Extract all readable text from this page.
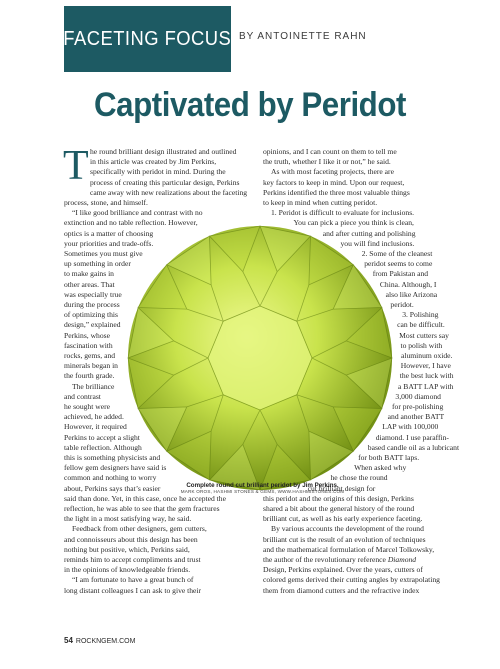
FACETING FOCUS BY ANTOINETTE RAHN
Captivated by Peridot
he round brilliant design illustrated and outlined
in this article was created by Jim Perkins,
specifically with peridot in mind. During the
process of creating this particular design, Perkins
came away with new realizations about the faceting
process, stone, and himself.
“I like good brilliance and contrast with no
extinction and no table reflection. However,
optics is a matter of choosing
your priorities and trade-offs.
Sometimes you must give
up something in order
to make gains in
other areas. That
was especially true
during the process
of optimizing this
design,” explained
Perkins, whose
fascination with
rocks, gems, and
minerals began in
the fourth grade.
The brilliance
and contrast
he sought were
achieved, he added.
However, it required
Perkins to accept a slight
table reflection. Although
this is something physicists and
fellow gem designers have said is
common and nothing to worry
about, Perkins says that’s easier
said than done. Yet, in this case, once he accepted the
reflection, he was able to see that the gem fractures
the light in a most satisfying way, he said.
Feedback from other designers, gem cutters,
and connoisseurs about this design has been
nothing but positive, which, Perkins said,
reminds him to accept compliments and trust
in the opinions of knowledgeable friends.
“I am fortunate to have a great bunch of
long distant colleagues I can ask to give their
opinions, and I can count on them to tell me
the truth, whether I like it or not,” he said.
As with most faceting projects, there are
key factors to keep in mind. Upon our request,
Perkins identified the three most valuable things
to keep in mind when cutting peridot.
1. Peridot is difficult to evaluate for inclusions.
You can pick a piece you think is clean,
and after cutting and polishing
you will find inclusions.
2. Some of the cleanest
peridot seems to come
from Pakistan and
China. Although, I
also like Arizona
peridot.
3. Polishing
can be difficult.
Most cutters say
to polish with
aluminum oxide.
However, I have
the best luck with
a BATT LAP with
3,000 diamond
for pre-polishing
and another BATT
LAP with 100,000
diamond. I use paraffin-
based candle oil as a lubricant
for both BATT laps.
When asked why
he chose the round
cut brilliant design for
this peridot and the origins of this design, Perkins
shared a bit about the general history of the round
brilliant cut, as well as his early experience faceting.
By various accounts the development of the round
brilliant cut is the result of an evolution of techniques
and the mathematical formulation of Marcel Tolkowsky,
the author of the revolutionary reference Diamond
Design, Perkins explained. Over the years, cutters of
colored gems derived their cutting angles by extrapolating
them from diamond cutters and the refractive index
Complete round cut brilliant peridot by Jim Perkins.
MARK OROS, HASHMI STONES & GEMS, WWW.HASHMISTONES.COM
54 ROCKNGEM.COM
T
